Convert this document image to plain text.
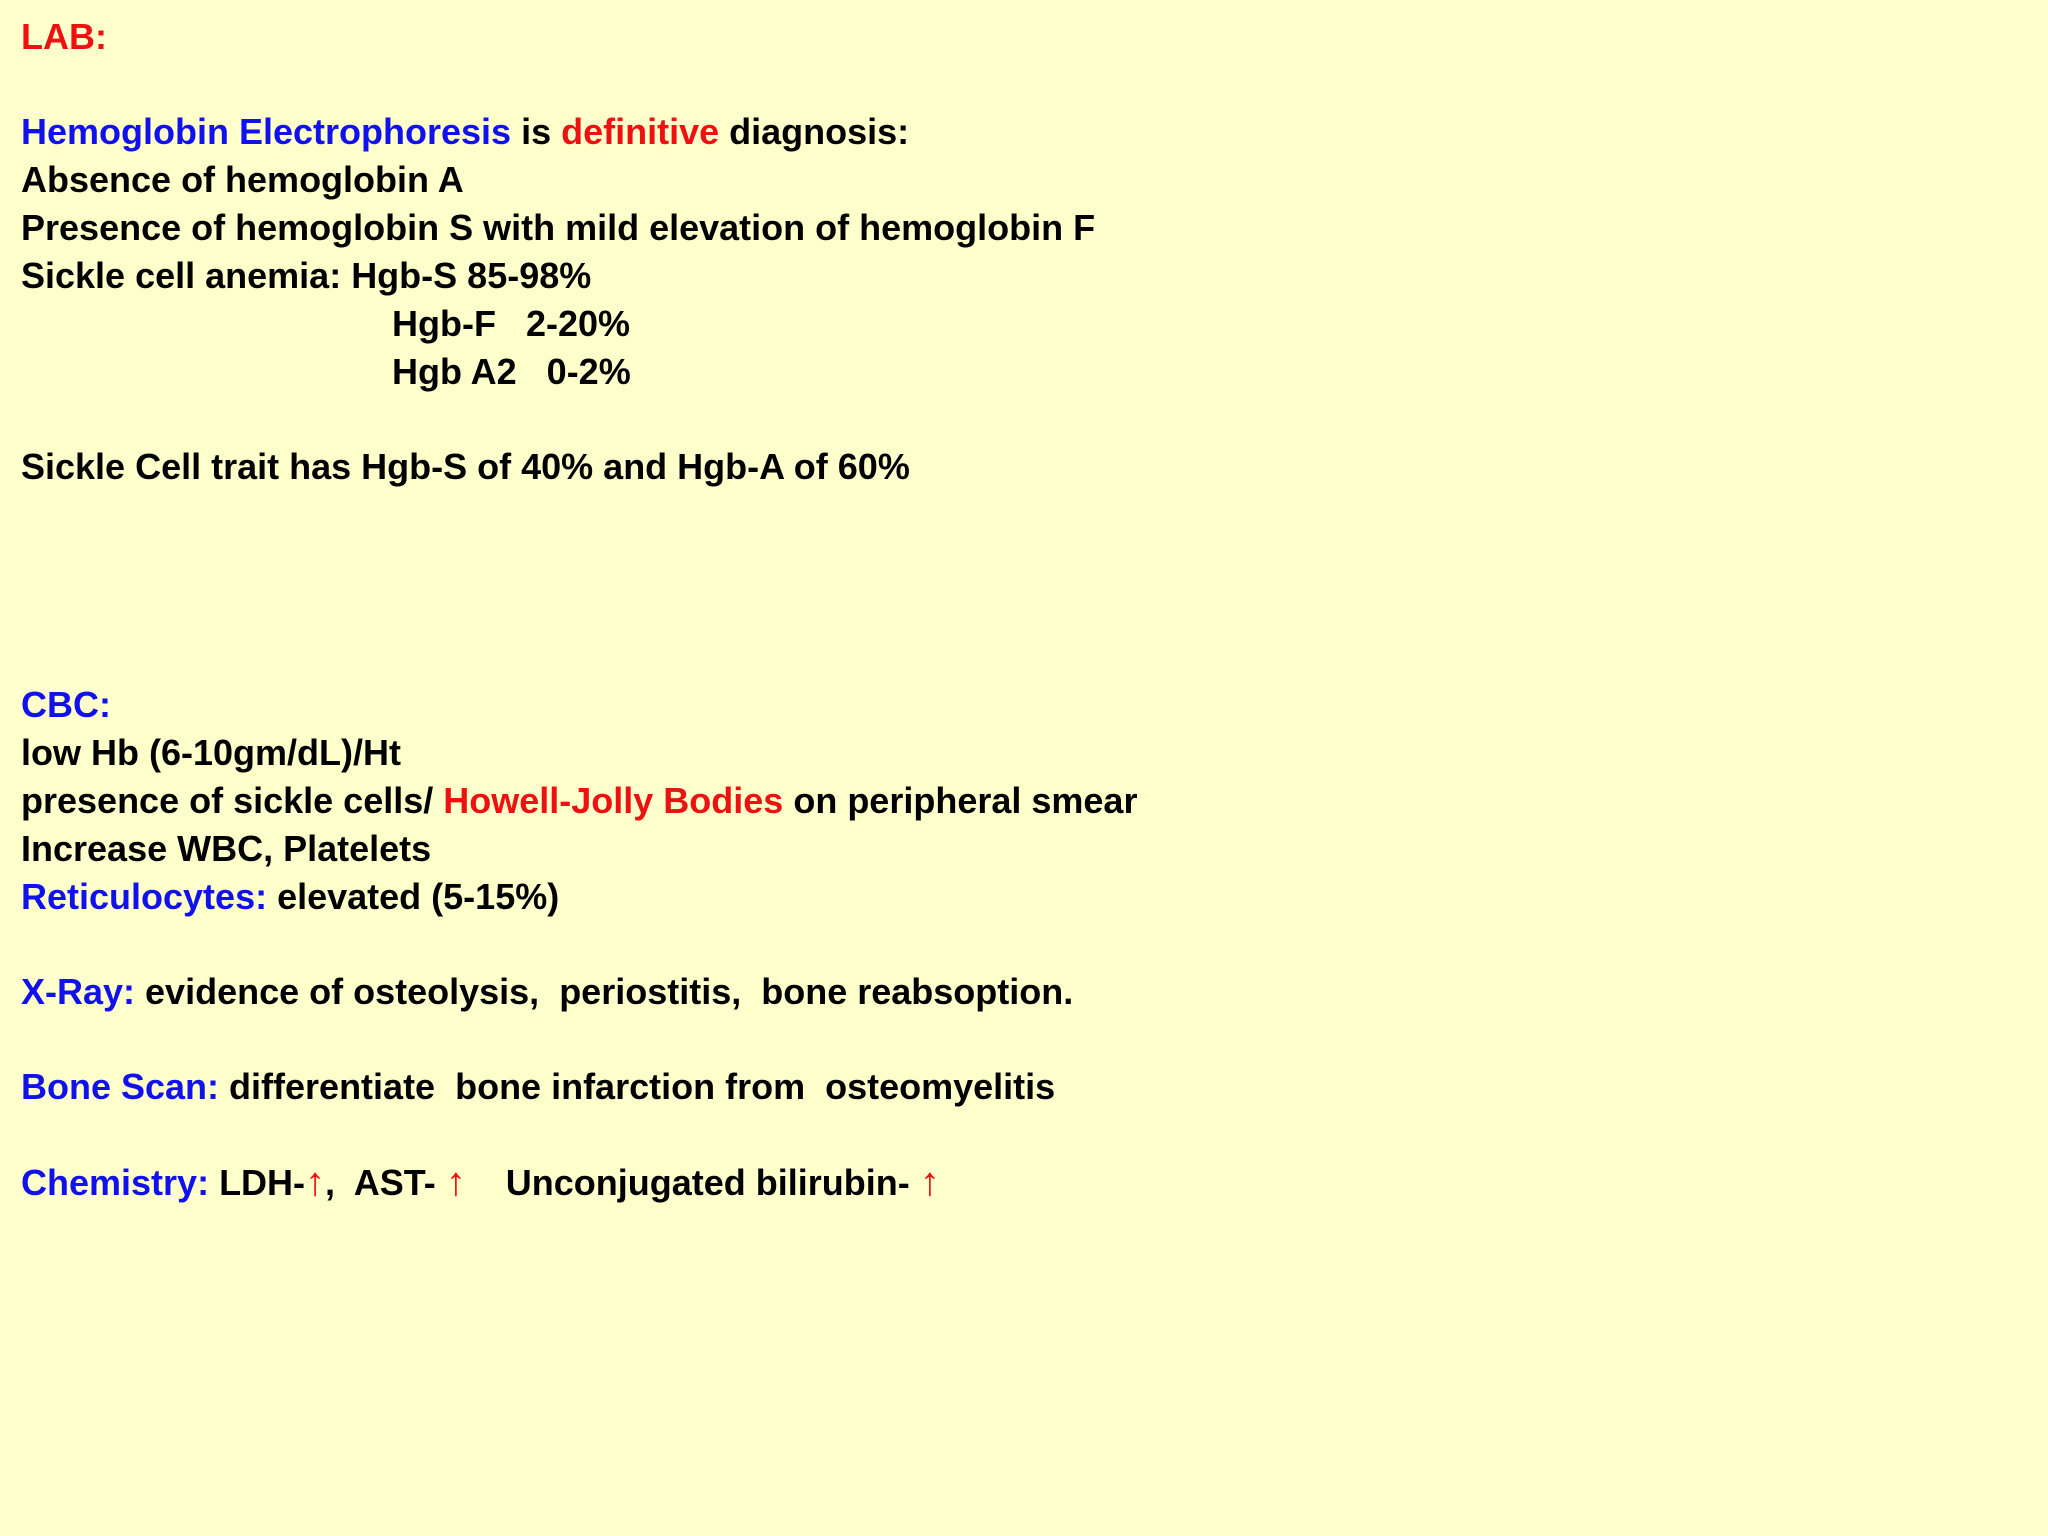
LAB:
Hemoglobin Electrophoresis is definitive diagnosis:
Absence of hemoglobin A
Presence of hemoglobin S with mild elevation of hemoglobin F
Sickle cell anemia: Hgb-S 85-98%
Hgb-F   2-20%
Hgb A2   0-2%
Sickle Cell trait has Hgb-S of 40% and Hgb-A of 60%
CBC:
low Hb (6-10gm/dL)/Ht
presence of sickle cells/ Howell-Jolly Bodies on peripheral smear
Increase WBC, Platelets
Reticulocytes: elevated (5-15%)
X-Ray: evidence of osteolysis,  periostitis,  bone reabsoption.
Bone Scan: differentiate  bone infarction from  osteomyelitis
Chemistry: LDH-↑,  AST- ↑    Unconjugated bilirubin- ↑
